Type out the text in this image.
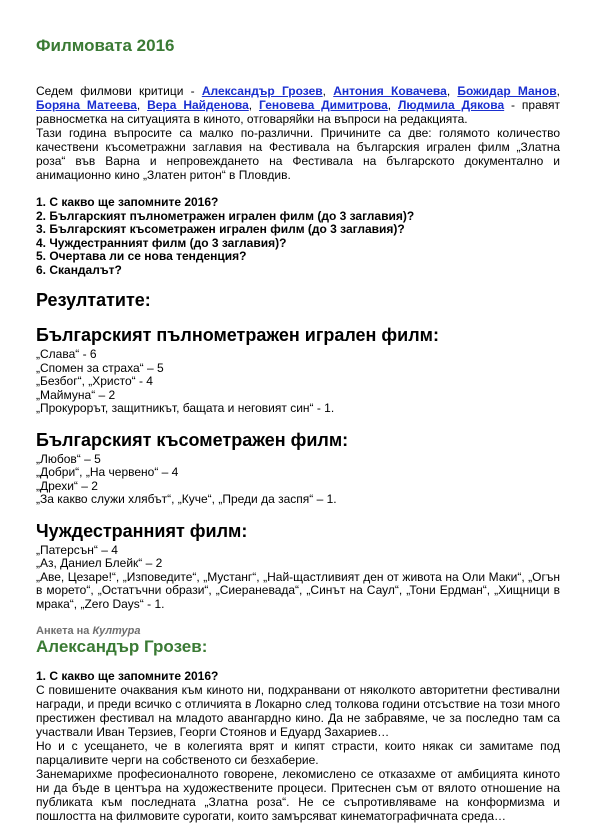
Филмовата 2016

Седем филмови критици - Александър Грозев, Антония Ковачева, Божидар Манов, Боряна Матеева, Вера Найденова, Геновева Димитрова, Людмила Дякова - правят равносметка на ситуацията в киното, отговаряйки на въпроси на редакцията.

Тази година въпросите са малко по-различни. Причините са две: голямото количество качествени късометражни заглавия на Фестивала на българския игрален филм „Златна роза“ във Варна и непровеждането на Фестивала на българското документално и анимационно кино „Златен ритон“ в Пловдив.

1. С какво ще запомните 2016?
2. Българският пълнометражен игрален филм (до 3 заглавия)?
3. Българският късометражен игрален филм (до 3 заглавия)?
4. Чуждестранният филм (до 3 заглавия)?
5. Очертава ли се нова тенденция?
6. Скандалът?
Резултатите:
Българският пълнометражен игрален филм:
„Слава“ - 6
„Спомен за страха“ – 5
„Безбог“, „Христо“ - 4
„Маймуна“ – 2
„Прокурорът, защитникът, бащата и неговият син“ - 1.
Българският късометражен филм:
„Любов“ – 5
„Добри“, „На червено“ – 4
„Дрехи“ – 2
„За какво служи хлябът“, „Куче“, „Преди да заспя“ – 1.
Чуждестранният филм:
„Патерсън“ – 4
„Аз, Даниел Блейк“ – 2
„Аве, Цезаре!“, „Изповедите“, „Мустанг“, „Най-щастливият ден от живота на Оли Маки“, „Огън в морето“, „Остатъчни образи“, „Сиераневада“, „Синът на Саул“, „Тони Ердман“, „Хищници в мрака“, „Zero Days“ - 1.
Анкета на Култура
Александър Грозев:
1. С какво ще запомните 2016?

С повишените очаквания към киното ни, подхранвани от няколкото авторитетни фестивални награди, и преди всичко с отличията в Локарно след толкова години отсъствие на този много престижен фестивал на младото авангардно кино. Да не забравяме, че за последно там са участвали Иван Терзиев, Георги Стоянов и Едуард Захариев…

Но и с усещането, че в колегията врят и кипят страсти, които някак си замитаме под парцаливите черги на собственото си безхаберие.

Занемарихме професионалното говорене, лекомислено се отказахме от амбицията киното ни да бъде в центъра на художествените процеси. Притеснен съм от вялото отношение на публиката към последната „Златна роза“. Не се съпротивляваме на конформизма и пошлостта на филмовите сурогати, които замърсяват кинематографичната среда…
